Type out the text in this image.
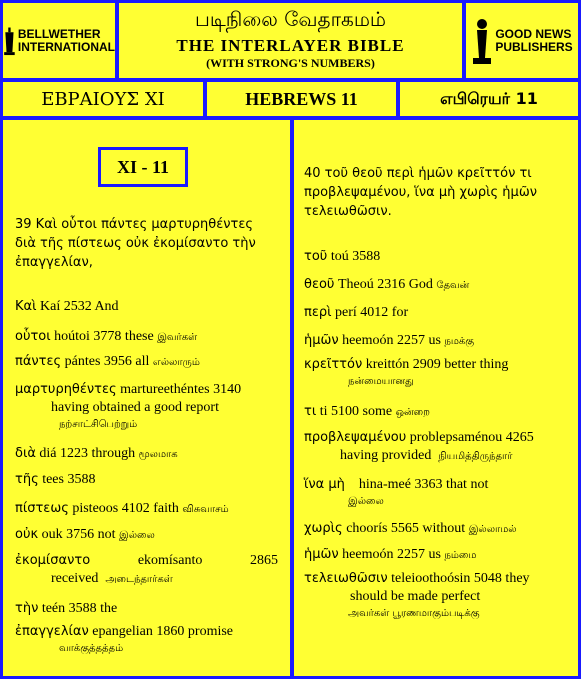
BELLWETHER
INTERNATIONAL
படிநிலை வேதாகமம்
THE INTERLAYER BIBLE
(WITH STRONG'S NUMBERS)
GOOD NEWS
PUBLISHERS
ΕΒΡΑΙΟΥΣ XI	HEBREWS 11	எபிரெயர் 11
XI - 11
39 Καὶ οὗτοι πάντες μαρτυρηθέντες
διὰ τῆς πίστεως οὐκ ἐκομίσαντο τὴν
ἐπαγγελίαν,
Καὶ Kaí 2532 And
οὗτοι hoútoi 3778 these இவர்கள்
πάντες pántes 3956 all எல்லாரும்
μαρτυρηθέντες martureethéntes 3140
having obtained a good report
நற்சாட்சிபெற்றும்
διὰ diá 1223 through மூலமாக
τῆς tees 3588
πίστεως pisteoos 4102 faith விசுவாசம்
οὐκ ouk 3756 not இல்லை
ἐκομίσαντο	ekomísanto	2865
received அடைந்தார்கள்
τὴν teén 3588 the
ἐπαγγελίαν epangelian 1860 promise
வாக்குத்தத்தம்
40 τοῦ θεοῦ περὶ ἡμῶν κρεῖττόν τι
προβλεψαμένου, ἵνα μὴ χωρὶς ἡμῶν
τελειωθῶσιν.
τοῦ toú 3588
θεοῦ Theoú 2316 God தேவன்
περὶ perí 4012 for
ἡμῶν heemoón 2257 us நமக்கு
κρεῖττόν kreittón 2909 better thing
நன்மையானது
τι ti 5100 some ஒன்றை
προβλεψαμένου problepsaménou 4265
having provided நியமித்திருந்தார்
ἵνα μὴ hina-meé 3363 that not
இல்லை
χωρὶς choorís 5565 without இல்லாமல்
ἡμῶν heemoón 2257 us நம்மை
τελειωθῶσιν teleioothoósin 5048 they
should be made perfect
அவர்கள் பூரணமாகும்படிக்கு
